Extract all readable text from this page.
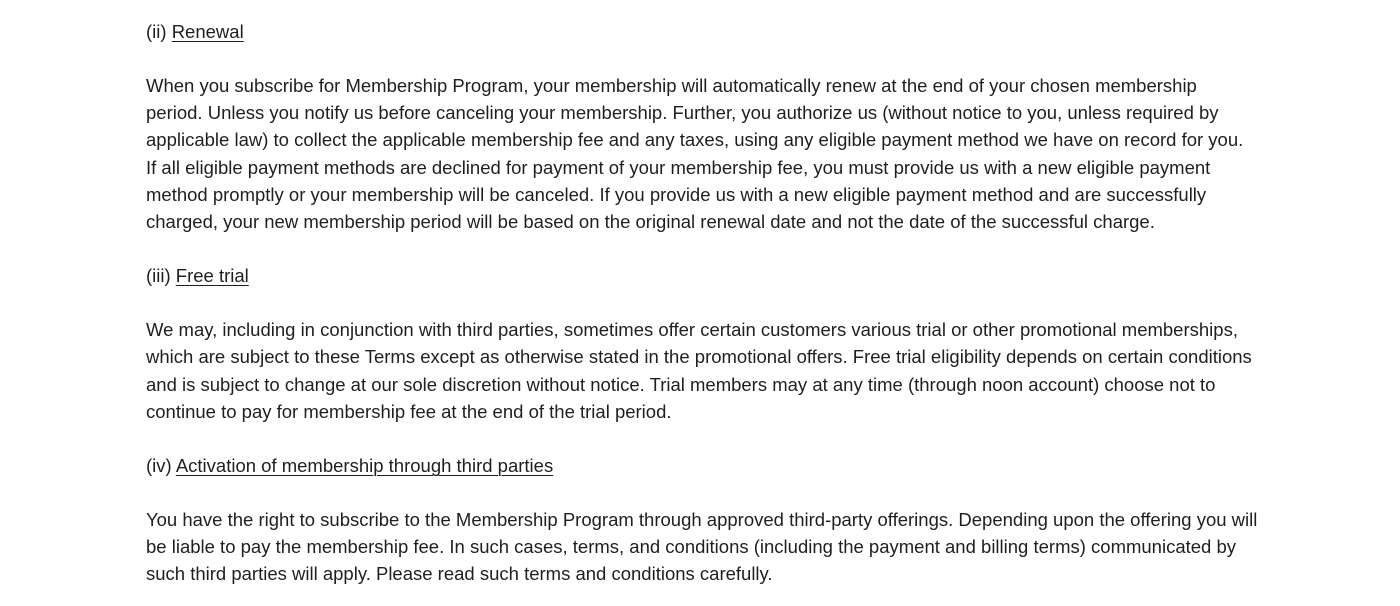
(ii) Renewal

When you subscribe for Membership Program, your membership will automatically renew at the end of your chosen membership period. Unless you notify us before canceling your membership. Further, you authorize us (without notice to you, unless required by applicable law) to collect the applicable membership fee and any taxes, using any eligible payment method we have on record for you. If all eligible payment methods are declined for payment of your membership fee, you must provide us with a new eligible payment method promptly or your membership will be canceled. If you provide us with a new eligible payment method and are successfully charged, your new membership period will be based on the original renewal date and not the date of the successful charge.

(iii) Free trial

We may, including in conjunction with third parties, sometimes offer certain customers various trial or other promotional memberships, which are subject to these Terms except as otherwise stated in the promotional offers. Free trial eligibility depends on certain conditions and is subject to change at our sole discretion without notice. Trial members may at any time (through noon account) choose not to continue to pay for membership fee at the end of the trial period.

(iv) Activation of membership through third parties

You have the right to subscribe to the Membership Program through approved third-party offerings. Depending upon the offering you will be liable to pay the membership fee. In such cases, terms, and conditions (including the payment and billing terms) communicated by such third parties will apply. Please read such terms and conditions carefully.
